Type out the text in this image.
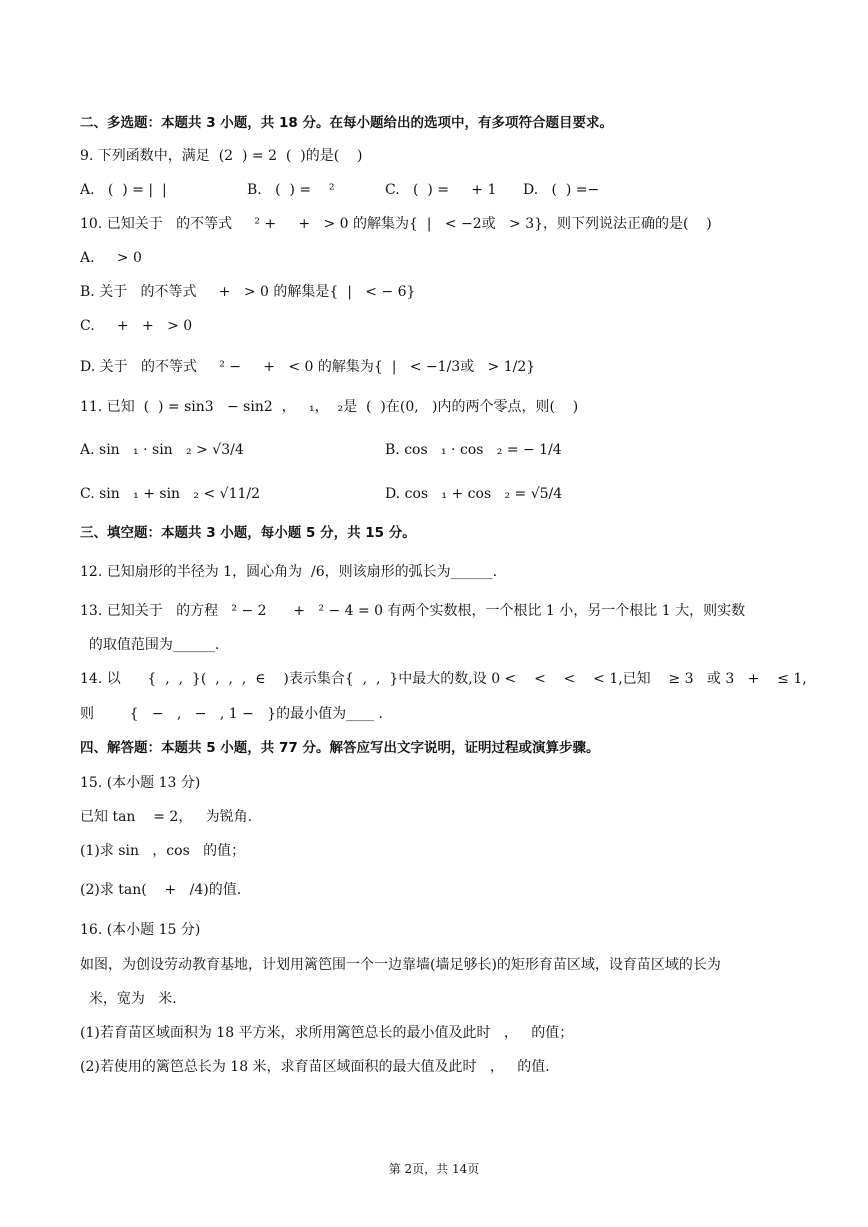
二、多选题：本题共 3 小题，共 18 分。在每小题给出的选项中，有多项符合题目要求。
9. 下列函数中，满足  (2  ) = 2  (  )的是(    )
A.   (  ) = |  |	B.   (  ) =    ²	C.   (  ) =     + 1 D.   (  ) =−
10. 已知关于   的不等式     ² +     +   > 0 的解集为{  |   < −2或   > 3}，则下列说法正确的是(    )
A.     > 0
B. 关于   的不等式     +   > 0 的解集是{  |   < − 6}
C.     +   +   > 0
D. 关于   的不等式     ² −     +   < 0 的解集为{  |   < −1/3或   > 1/2}
11. 已知  (  ) = sin3   − sin2  ，   ₁，  ₂是  (  )在(0,   )内的两个零点，则(    )
A. sin   ₁ · sin   ₂ > √3/4	B. cos   ₁ · cos   ₂ = − 1/4
C. sin   ₁ + sin   ₂ < √11/2	D. cos   ₁ + cos   ₂ = √5/4
三、填空题：本题共 3 小题，每小题 5 分，共 15 分。
12. 已知扇形的半径为 1，圆心角为  /6，则该扇形的弧长为______.
13. 已知关于   的方程   ² − 2      +   ² − 4 = 0 有两个实数根，一个根比 1 小，另一个根比 1 大，则实数
的取值范围为______.
14. 以      {  ,  ,  }(  ,  ,  ,  ∈    )表示集合{  ,  ,  }中最大的数,设 0 <    <    <    < 1,已知    ≥ 3   或 3   +    ≤ 1,
则        {   −   ,   −   , 1 −   }的最小值为____ .
四、解答题：本题共 5 小题，共 77 分。解答应写出文字说明，证明过程或演算步骤。
15. (本小题 13 分)
已知 tan    = 2，   为锐角.
(1)求 sin   ，cos   的值；
(2)求 tan(    +   /4)的值.
16. (本小题 15 分)
如图，为创设劳动教育基地，计划用篱笆围一个一边靠墙(墙足够长)的矩形育苗区域，设育苗区域的长为
米，宽为   米.
(1)若育苗区域面积为 18 平方米，求所用篱笆总长的最小值及此时   ，   的值；
(2)若使用的篱笆总长为 18 米，求育苗区域面积的最大值及此时   ，   的值.
第 2页，共 14页
